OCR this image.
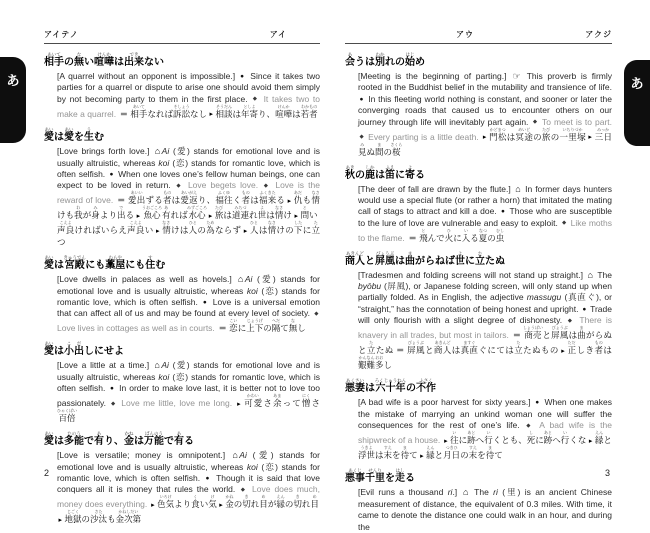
あ	あ
アイテノ	アイ
相手あいての無ない喧嘩けんかは出来できない
[A quarrel without an opponent is impossible.] ● Since it takes two parties for a quarrel or dispute to arise one should avoid them simply by not becoming party to them in the first place. ◆ It takes two to make a quarrel. ＝ 相手あいてなれば訴訟そしょうなし ▸ 相談そうだんは年寄としより、喧嘩けんかは若者わかもの
愛あいは愛あいを生うむ
[Love brings forth love.] ⌂ Ai (愛) stands for emotional love and is usually altruistic, whereas koi (恋) stands for romantic love, which is often selfish. ● When one loves one’s fellow human beings, one can expect to be loved in return. ◆ Love begets love. ◆ Love is the reward of love. ＝ 愛出あいいずる者ものは愛返あいがえり、福往ふくゆく者ものは福来ふくきたる ▸ 仇あだも情なさけも我わが身みより出でる ▸ 魚心うおごころ有あれば水心みずごころ▸ 旅たびは道連みちづれ世よは情なさけ ▸ 問とい声良こえよければいらえ声良こえよい ▸ 情なさけは人ひとの為ためならず ▸ 人ひとは情なさけの下したに立たつ
愛あいは宮殿きゅうでんにも藁屋わらやにも住すむ
[Love dwells in palaces as well as hovels.] ⌂ Ai (愛) stands for emotional love and is usually altruistic, whereas koi (恋) stands for romantic love, which is often selfish. ● Love is a universal emotion that can affect all of us and may be found at every level of society. ◆ Love lives in cottages as well as in courts. ＝ 恋こいに上下じょうげの隔へだて無なし
愛あいは小こ出だしにせよ
[Love a little at a time.] ⌂ Ai (愛) stands for emotional love and is usually altruistic, whereas koi (恋) stands for romantic love, which is often selfish. ● In order to make love last, it is better not to love too passionately. ◆ Love me little, love me long. ▸ 可愛かわいさ余あまって憎にくさ百倍ひゃくばい
愛あいは多能たのうで有あり、金かねは万能ばんのうで有ある
[Love is versatile; money is omnipotent.] ⌂ Ai (愛) stands for emotional love and is usually altruistic, whereas koi (恋) stands for romantic love, which is often selfish. ● Though it is said that love conquers all it is money that rules the world. ◆ Love does much, money does everything. ▸ 色気いろけより食くい気け▸ 金かねの切きれ目めが縁えんの切きれ目め▸ 地獄じごくの沙汰さたも金次第かねしだい
2
アウ	アクジ
会あうは別わかれの始はじめ
[Meeting is the beginning of parting.] ☞ This proverb is firmly rooted in the Buddhist belief in the mutability and transience of life. ● In this fleeting world nothing is constant, and sooner or later the converging roads that caused us to encounter others on our journey through life will inevitably part again. ◆ To meet is to part. ◆ Every parting is a little death. ▸ 門松かどまつは冥途めいどの旅たびの一里塚いちりづか▸ 三日みっか見みぬ間まの桜さくら
秋あきの鹿しかは笛ふえに寄よる
[The deer of fall are drawn by the flute.] ⌂ In former days hunters would use a special flute (or rather a horn) that imitated the mating call of stags to attract and kill a doe. ● Those who are susceptible to the lure of love are vulnerable and easy to exploit. ◆ Like moths to the flame. ＝ 飛とんで火ひに入いる夏なつの虫むし
商人あきんどと屏風びょうぶは曲まがらねば世よに立たたぬ
[Tradesmen and folding screens will not stand up straight.] ⌂ The byōbu (屏風), or Japanese folding screen, will only stand up when partially folded. As in English, the adjective massugu (真直ぐ), or “straight,” has the connotation of being honest and upright. ● Trade will only flourish with a slight degree of dishonesty. ◆ There is knavery in all trades, but most in tailors. ＝ 商売しょうばいと屏風びょうぶは曲まがらぬと立たたぬ ＝ 屏風びょうぶと商人あきんどは真直ますぐぐにては立たたぬもの ▸ 正ただしき者ものは艱難かんなん多おおし
悪妻あくさいは六十年ろくじゅうねんの不作ふさく
[A bad wife is a poor harvest for sixty years.] ● When one makes the mistake of marrying an unkind woman one will suffer the consequences for the rest of one’s life. ◆ A bad wife is the shipwreck of a house. ▸ 往いに跡あとへ行いくとも、死しに跡あとへ行いくな ▸ 縁えんと浮世うきよは末すえを待まて ▸ 縁えんと月日つきひの末すえを待まて
悪事あくじ千里せんりを走はしる
[Evil runs a thousand ri.] ⌂ The ri (里) is an ancient Chinese measurement of distance, the equivalent of 0.3 miles. With time, it came to denote the distance one could walk in an hour, and during the
3
